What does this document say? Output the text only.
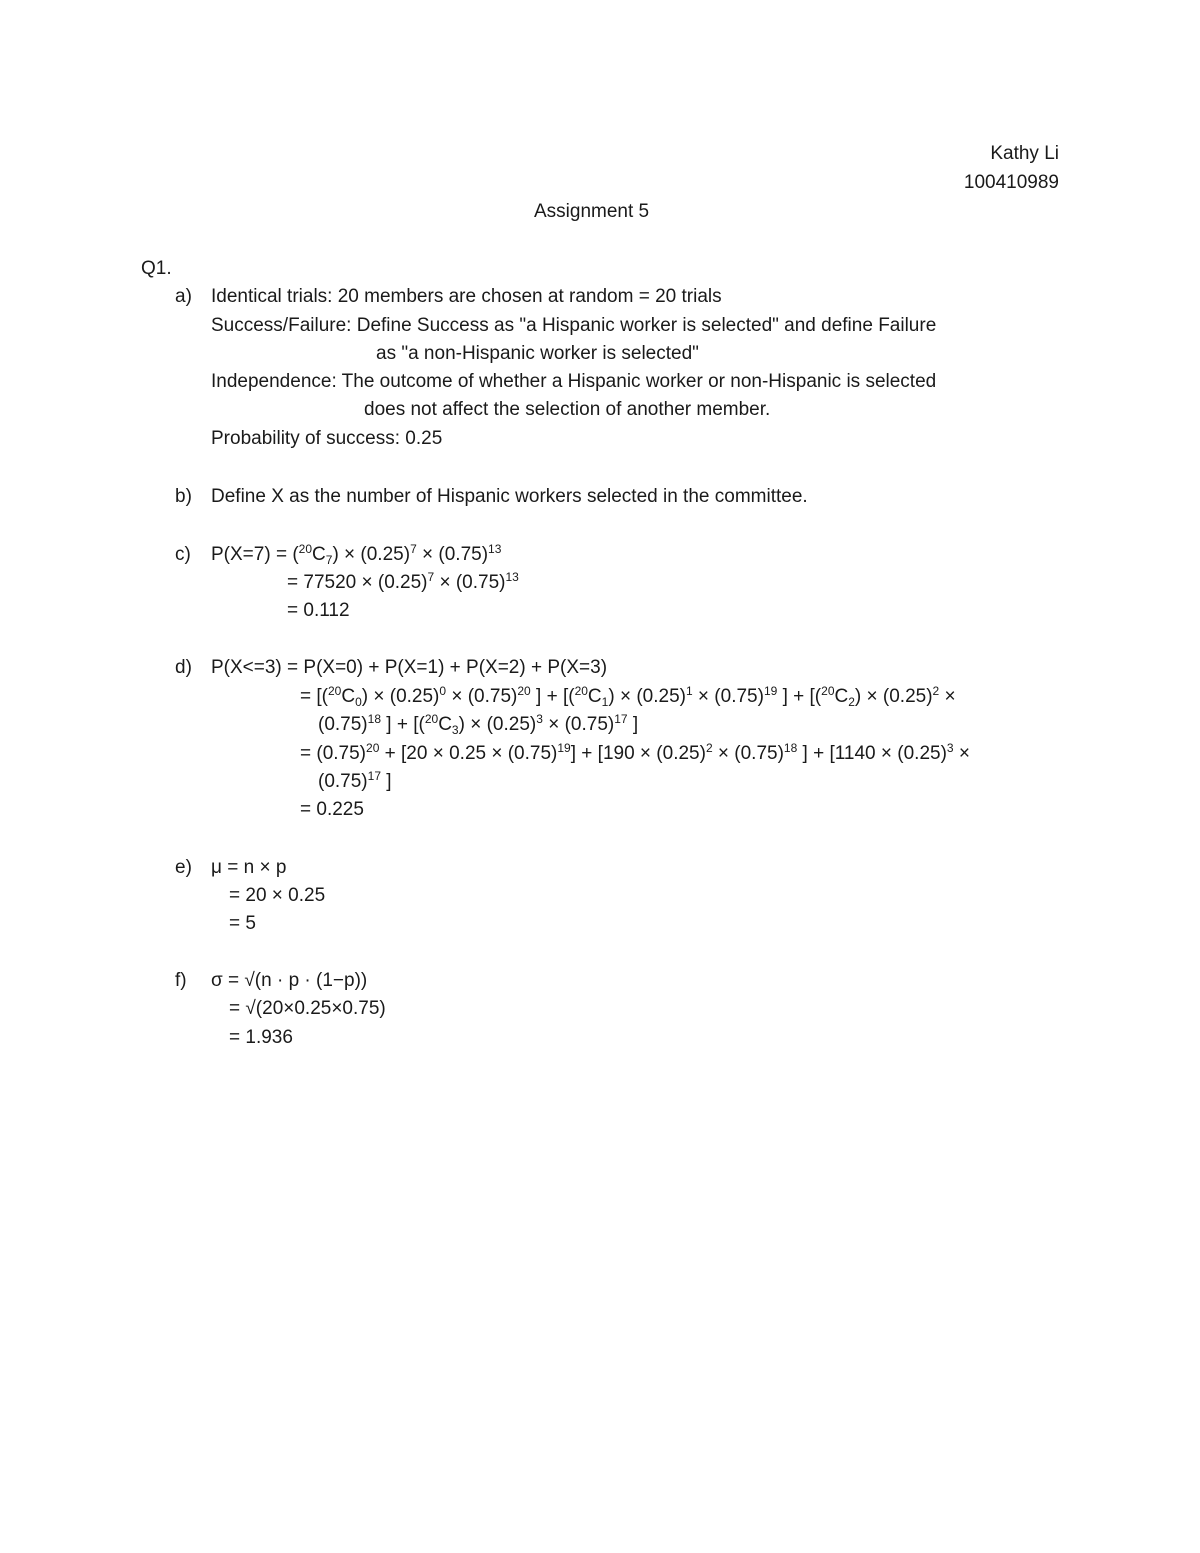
Kathy Li
100410989
Assignment 5
Q1.
a) Identical trials: 20 members are chosen at random = 20 trials
Success/Failure: Define Success as "a Hispanic worker is selected" and define Failure
as "a non-Hispanic worker is selected"
Independence: The outcome of whether a Hispanic worker or non-Hispanic is selected
does not affect the selection of another member.
Probability of success: 0.25
b) Define X as the number of Hispanic workers selected in the committee.
c) $P(X=7) = (^{20}C_7) \times (0.25)^7 \times (0.75)^{13}$
= $77520 \times (0.25)^7 \times (0.75)^{13}$
= 0.112
d) P(X<=3) = P(X=0) + P(X=1) + P(X=2) + P(X=3)
= [$(^{20}C_0) \times (0.25)^0 \times (0.75)^{20}$ ] + [$(^{20}C_1) \times (0.25)^1 \times (0.75)^{19}$ ] + [$(^{20}C_2) \times (0.25)^2$ ×
$(0.75)^{18}$ ] + [$(^{20}C_3) \times (0.25)^3 \times (0.75)^{17}$ ]
= $(0.75)^{20} + [20 \times 0.25 \times (0.75)^{19}] + [190 \times (0.25)^2 \times (0.75)^{18}$ ] + [$1140 \times (0.25)^3$ ×
$(0.75)^{17}$ ]
= 0.225
e) μ = n × p
= 20 × 0.25
= 5
f) σ = √(n · p · (1−p))
= √(20×0.25×0.75)
= 1.936
